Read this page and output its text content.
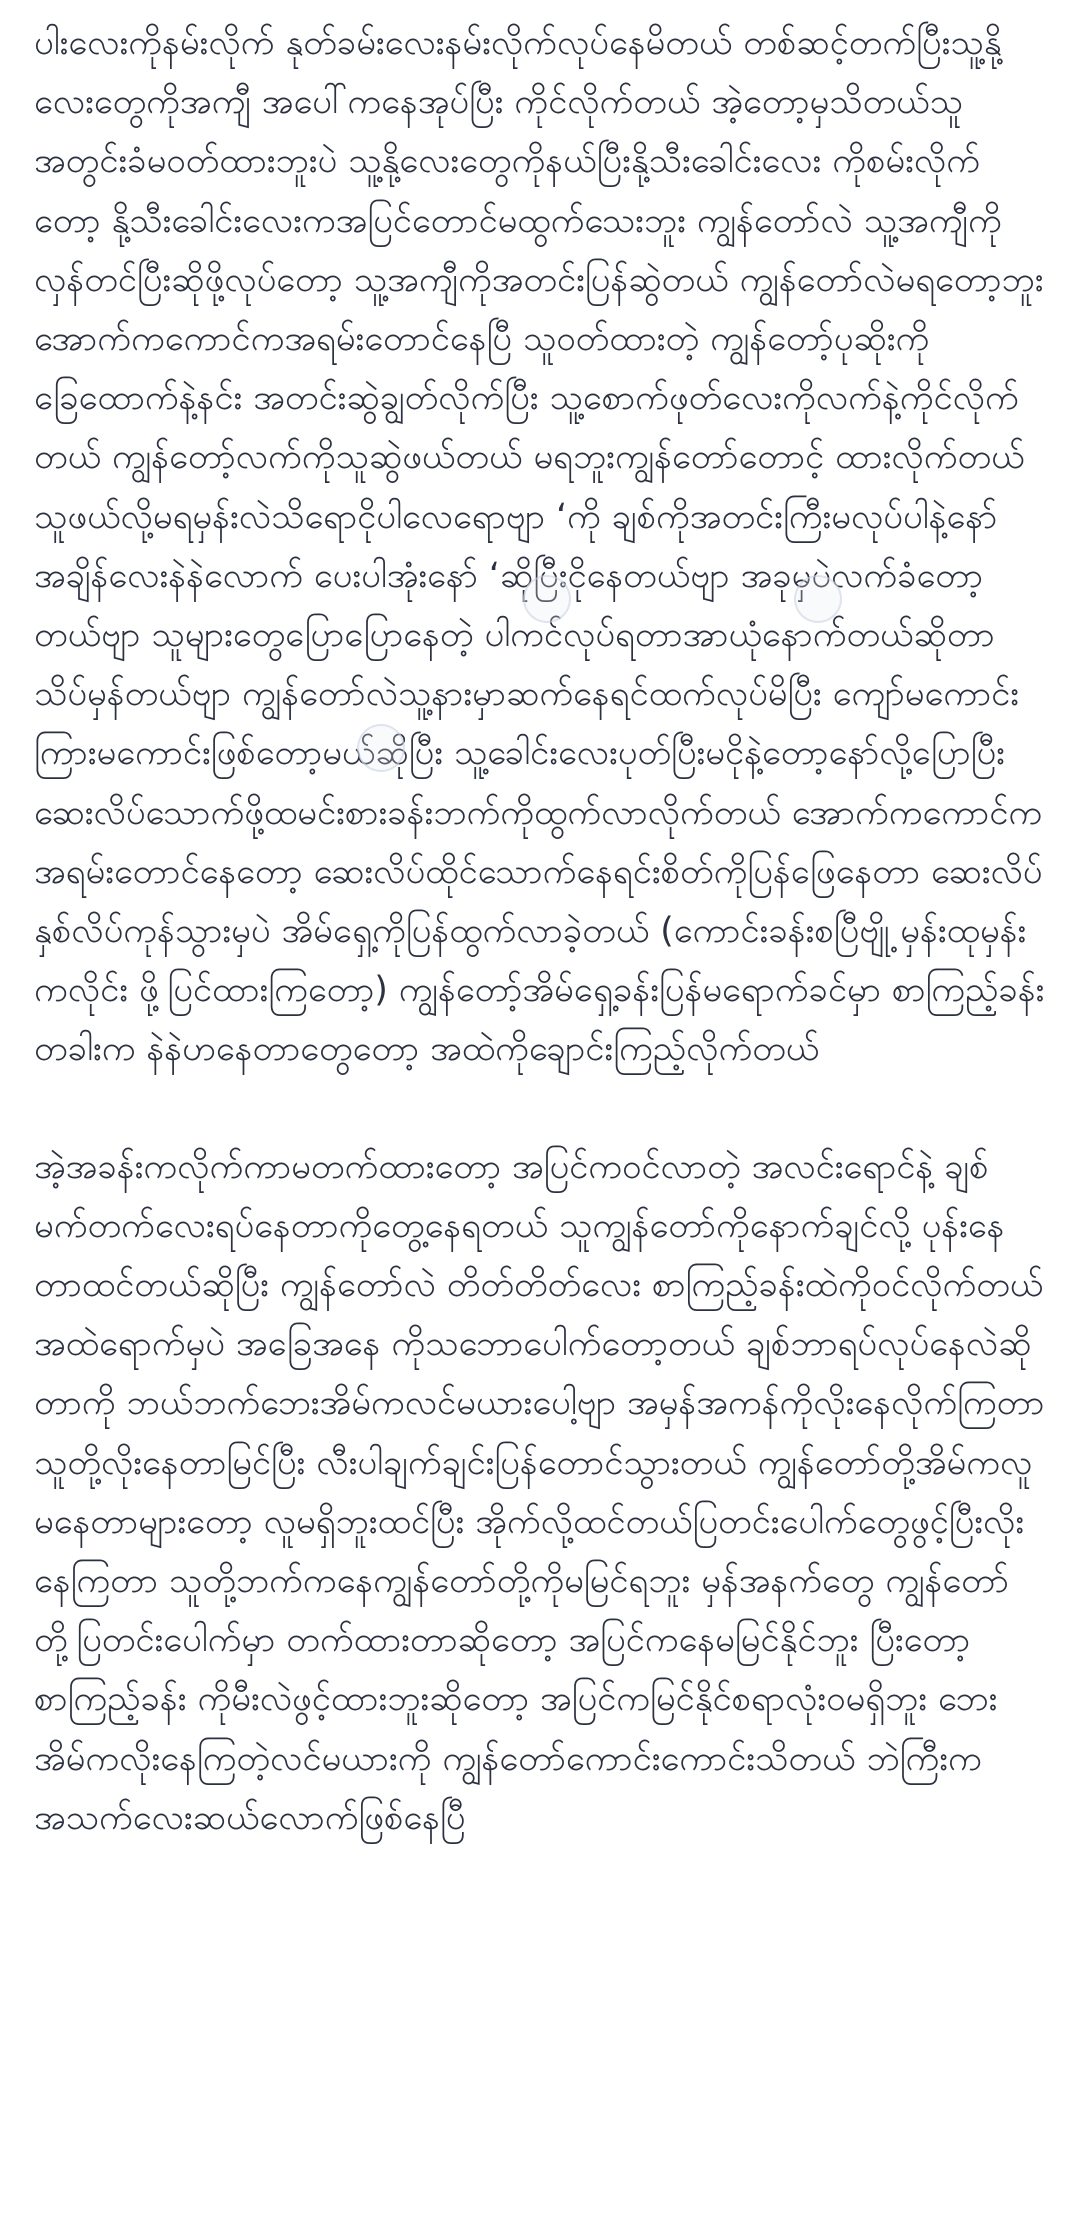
ပါးလေးကိုနမ်းလိုက် နုတ်ခမ်းလေးနမ်းလိုက်လုပ်နေမိတယ် တစ်ဆင့်တက်ပြီးသူ့နို့လေးတွေကိုအကျီ အပေါ်ကနေအုပ်ပြီး ကိုင်လိုက်တယ် အဲ့တော့မှသိတယ်သူအတွင်းခံမဝတ်ထားဘူးပဲ သူ့နို့လေးတွေကိုနယ်ပြီးနို့သီးခေါင်းလေး ကိုစမ်းလိုက်တော့ နို့သီးခေါင်းလေးကအပြင်တောင်မထွက်သေးဘူး ကျွန်တော်လဲ သူ့အကျီကိုလှန်တင်ပြီးဆိုဖို့လုပ်တော့ သူ့အကျီကိုအတင်းပြန်ဆွဲတယ် ကျွန်တော်လဲမရတော့ဘူး အောက်ကကောင်ကအရမ်းတောင်နေပြီ သူဝတ်ထားတဲ့ ကျွန်တော့်ပုဆိုးကိုခြေထောက်နဲ့နင်း အတင်းဆွဲချွတ်လိုက်ပြီး သူ့စောက်ဖုတ်လေးကိုလက်နဲ့ကိုင်လိုက်တယ် ကျွန်တော့်လက်ကိုသူဆွဲဖယ်တယ် မရဘူးကျွန်တော်တောင့် ထားလိုက်တယ် သူဖယ်လို့မရမှန်းလဲသိရောငိုပါလေရောဗျာ ‘ကို ချစ်ကိုအတင်းကြီးမလုပ်ပါနဲ့နော် အချိန်လေးနဲနဲလောက် ပေးပါအုံးနော် ‘ဆိုပြီးငိုနေတယ်ဗျာ အခုမှပဲလက်ခံတော့တယ်ဗျာ သူများတွေပြောပြောနေတဲ့ ပါကင်လုပ်ရတာအာယုံနောက်တယ်ဆိုတာ သိပ်မှန်တယ်ဗျာ ကျွန်တော်လဲသူ့နားမှာဆက်နေရင်ထက်လုပ်မိပြီး ကျော်မကောင်းကြားမကောင်းဖြစ်တော့မယ်ဆိုပြီး သူ့ခေါင်းလေးပုတ်ပြီးမငိုနဲ့တော့နော်လို့ပြောပြီး ဆေးလိပ်သောက်ဖို့ထမင်းစားခန်းဘက်ကိုထွက်လာလိုက်တယ် အောက်ကကောင်ကအရမ်းတောင်နေတော့ ဆေးလိပ်ထိုင်သောက်နေရင်းစိတ်ကိုပြန်ဖြေနေတာ ဆေးလိပ် နှစ်လိပ်ကုန်သွားမှပဲ အိမ်ရှေ့ကိုပြန်ထွက်လာခဲ့တယ် (ကောင်းခန်းစပြီဗျို့ မှန်းထုမှန်းကလိုင်း ဖို့ပြင်ထားကြတော့) ကျွန်တော့်အိမ်ရှေ့ခန်းပြန်မရောက်ခင်မှာ စာကြည့်ခန်းတခါးက နဲနဲဟနေတာတွေတော့ အထဲကိုချောင်းကြည့်လိုက်တယ်

အဲ့အခန်းကလိုက်ကာမတက်ထားတော့ အပြင်ကဝင်လာတဲ့ အလင်းရောင်နဲ့ ချစ် မက်တက်လေးရပ်နေတာကိုတွေ့နေရတယ် သူကျွန်တော်ကိုနောက်ချင်လို့ ပုန်းနေတာထင်တယ်ဆိုပြီး ကျွန်တော်လဲ တိတ်တိတ်လေး စာကြည့်ခန်းထဲကိုဝင်လိုက်တယ် အထဲရောက်မှပဲ အခြေအနေ ကိုသဘောပေါက်တော့တယ် ချစ်ဘာရပ်လုပ်နေလဲဆိုတာကို ဘယ်ဘက်ဘေးအိမ်ကလင်မယားပေါ့ဗျာ အမှန်အကန်ကိုလိုးနေလိုက်ကြတာ သူတို့လိုးနေတာမြင်ပြီး လီးပါချက်ချင်းပြန်တောင်သွားတယ် ကျွန်တော်တို့အိမ်ကလူမနေတာများတော့ လူမရှိဘူးထင်ပြီး အိုက်လို့ထင်တယ်ပြတင်းပေါက်တွေဖွင့်ပြီးလိုးနေကြတာ သူတို့ဘက်ကနေကျွန်တော်တို့ကိုမမြင်ရဘူး မှန်အနက်တွေ ကျွန်တော်တို့ပြတင်းပေါက်မှာ တက်ထားတာဆိုတော့ အပြင်ကနေမမြင်နိုင်ဘူး ပြီးတော့စာကြည့်ခန်း ကိုမီးလဲဖွင့်ထားဘူးဆိုတော့ အပြင်ကမြင်နိုင်စရာလုံးဝမရှိဘူး ဘေးအိမ်ကလိုးနေကြတဲ့လင်မယားကို ကျွန်တော်ကောင်းကောင်းသိတယ် ဘဲကြီးက အသက်လေးဆယ်လောက်ဖြစ်နေပြီ
